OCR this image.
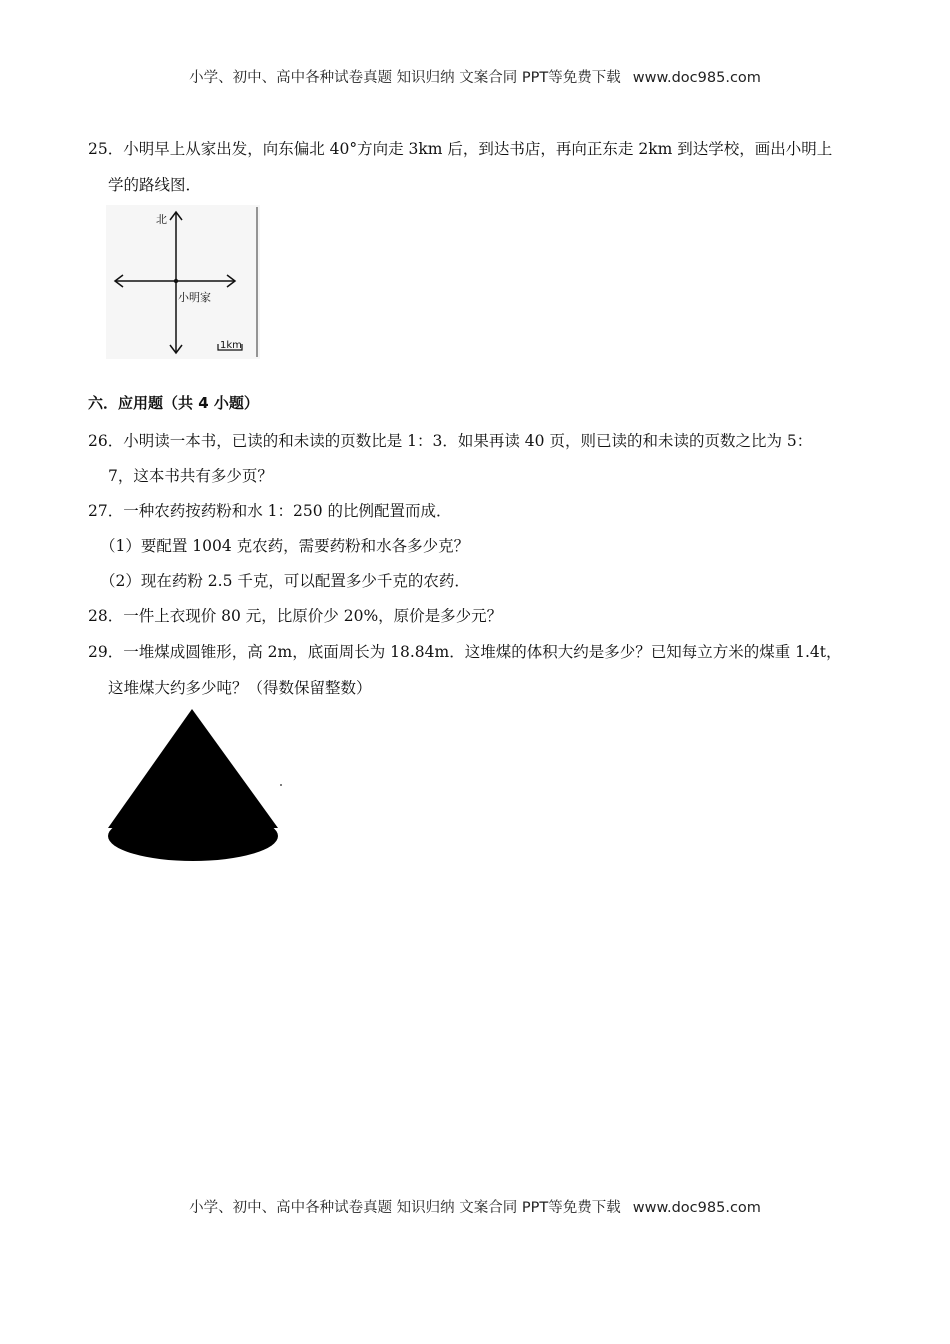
小学、初中、高中各种试卷真题 知识归纳 文案合同 PPT等免费下载 www.doc985.com
25．小明早上从家出发，向东偏北 40°方向走 3km 后，到达书店，再向正东走 2km 到达学校，画出小明上
学的路线图．
北
小明家
1km
六．应用题（共 4 小题）
26．小明读一本书，已读的和未读的页数比是 1：3．如果再读 40 页，则已读的和未读的页数之比为 5：
7，这本书共有多少页？
27．一种农药按药粉和水 1：250 的比例配置而成．
（1）要配置 1004 克农药，需要药粉和水各多少克？
（2）现在药粉 2.5 千克，可以配置多少千克的农药．
28．一件上衣现价 80 元，比原价少 20%，原价是多少元？
29．一堆煤成圆锥形，高 2m，底面周长为 18.84m．这堆煤的体积大约是多少？已知每立方米的煤重 1.4t，
这堆煤大约多少吨？（得数保留整数）
小学、初中、高中各种试卷真题 知识归纳 文案合同 PPT等免费下载 www.doc985.com
